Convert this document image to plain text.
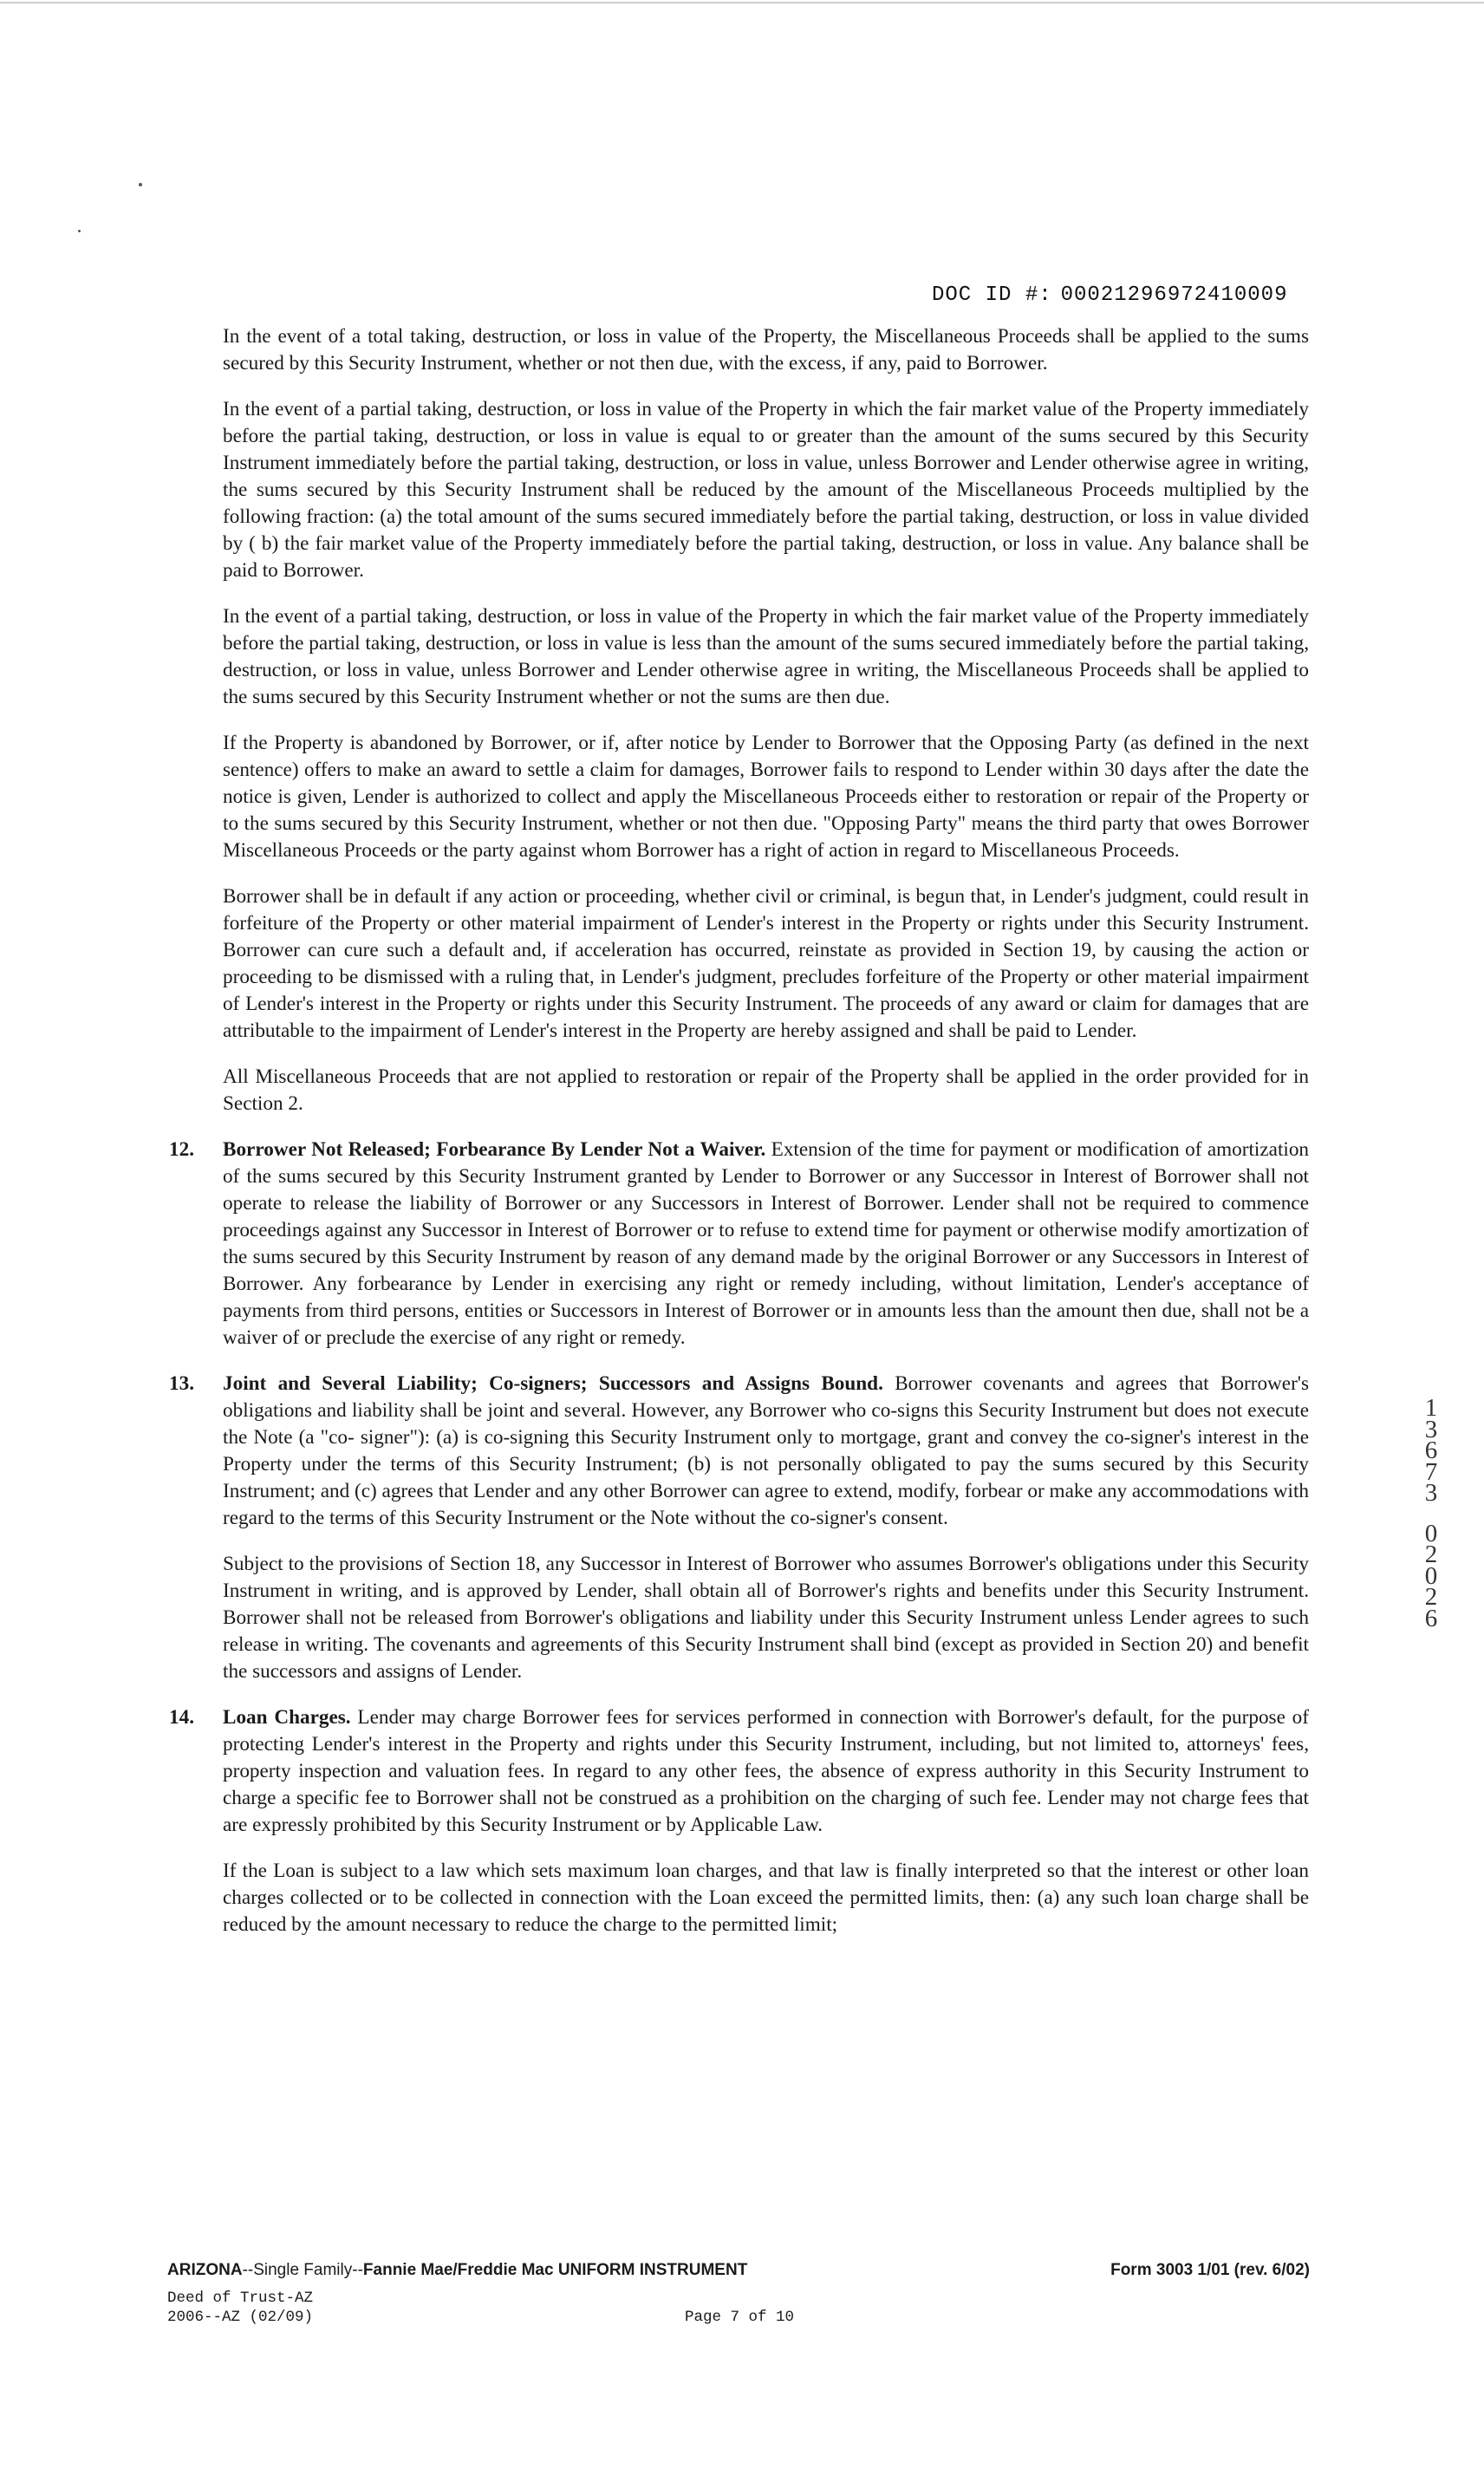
DOC ID #: 00021296972410009

In the event of a total taking, destruction, or loss in value of the Property, the Miscellaneous Proceeds shall be applied to the sums secured by this Security Instrument, whether or not then due, with the excess, if any, paid to Borrower.

In the event of a partial taking, destruction, or loss in value of the Property in which the fair market value of the Property immediately before the partial taking, destruction, or loss in value is equal to or greater than the amount of the sums secured by this Security Instrument immediately before the partial taking, destruction, or loss in value, unless Borrower and Lender otherwise agree in writing, the sums secured by this Security Instrument shall be reduced by the amount of the Miscellaneous Proceeds multiplied by the following fraction: (a) the total amount of the sums secured immediately before the partial taking, destruction, or loss in value divided by ( b) the fair market value of the Property immediately before the partial taking, destruction, or loss in value. Any balance shall be paid to Borrower.

In the event of a partial taking, destruction, or loss in value of the Property in which the fair market value of the Property immediately before the partial taking, destruction, or loss in value is less than the amount of the sums secured immediately before the partial taking, destruction, or loss in value, unless Borrower and Lender otherwise agree in writing, the Miscellaneous Proceeds shall be applied to the sums secured by this Security Instrument whether or not the sums are then due.

If the Property is abandoned by Borrower, or if, after notice by Lender to Borrower that the Opposing Party (as defined in the next sentence) offers to make an award to settle a claim for damages, Borrower fails to respond to Lender within 30 days after the date the notice is given, Lender is authorized to collect and apply the Miscellaneous Proceeds either to restoration or repair of the Property or to the sums secured by this Security Instrument, whether or not then due. "Opposing Party" means the third party that owes Borrower Miscellaneous Proceeds or the party against whom Borrower has a right of action in regard to Miscellaneous Proceeds.

Borrower shall be in default if any action or proceeding, whether civil or criminal, is begun that, in Lender's judgment, could result in forfeiture of the Property or other material impairment of Lender's interest in the Property or rights under this Security Instrument. Borrower can cure such a default and, if acceleration has occurred, reinstate as provided in Section 19, by causing the action or proceeding to be dismissed with a ruling that, in Lender's judgment, precludes forfeiture of the Property or other material impairment of Lender's interest in the Property or rights under this Security Instrument. The proceeds of any award or claim for damages that are attributable to the impairment of Lender's interest in the Property are hereby assigned and shall be paid to Lender.

All Miscellaneous Proceeds that are not applied to restoration or repair of the Property shall be applied in the order provided for in Section 2.

12. Borrower Not Released; Forbearance By Lender Not a Waiver. Extension of the time for payment or modification of amortization of the sums secured by this Security Instrument granted by Lender to Borrower or any Successor in Interest of Borrower shall not operate to release the liability of Borrower or any Successors in Interest of Borrower. Lender shall not be required to commence proceedings against any Successor in Interest of Borrower or to refuse to extend time for payment or otherwise modify amortization of the sums secured by this Security Instrument by reason of any demand made by the original Borrower or any Successors in Interest of Borrower. Any forbearance by Lender in exercising any right or remedy including, without limitation, Lender's acceptance of payments from third persons, entities or Successors in Interest of Borrower or in amounts less than the amount then due, shall not be a waiver of or preclude the exercise of any right or remedy.
13. Joint and Several Liability; Co-signers; Successors and Assigns Bound. Borrower covenants and agrees that Borrower's obligations and liability shall be joint and several. However, any Borrower who co-signs this Security Instrument but does not execute the Note (a "co- signer"): (a) is co-signing this Security Instrument only to mortgage, grant and convey the co-signer's interest in the Property under the terms of this Security Instrument; (b) is not personally obligated to pay the sums secured by this Security Instrument; and (c) agrees that Lender and any other Borrower can agree to extend, modify, forbear or make any accommodations with regard to the terms of this Security Instrument or the Note without the co-signer's consent.

Subject to the provisions of Section 18, any Successor in Interest of Borrower who assumes Borrower's obligations under this Security Instrument in writing, and is approved by Lender, shall obtain all of Borrower's rights and benefits under this Security Instrument. Borrower shall not be released from Borrower's obligations and liability under this Security Instrument unless Lender agrees to such release in writing. The covenants and agreements of this Security Instrument shall bind (except as provided in Section 20) and benefit the successors and assigns of Lender.

14. Loan Charges. Lender may charge Borrower fees for services performed in connection with Borrower's default, for the purpose of protecting Lender's interest in the Property and rights under this Security Instrument, including, but not limited to, attorneys' fees, property inspection and valuation fees. In regard to any other fees, the absence of express authority in this Security Instrument to charge a specific fee to Borrower shall not be construed as a prohibition on the charging of such fee. Lender may not charge fees that are expressly prohibited by this Security Instrument or by Applicable Law.

If the Loan is subject to a law which sets maximum loan charges, and that law is finally interpreted so that the interest or other loan charges collected or to be collected in connection with the Loan exceed the permitted limits, then: (a) any such loan charge shall be reduced by the amount necessary to reduce the charge to the permitted limit;

1
3
6
7
3
0
2
0
2
6
ARIZONA--Single Family--Fannie Mae/Freddie Mac UNIFORM INSTRUMENT	Form 3003 1/01 (rev. 6/02)
Deed of Trust-AZ
2006--AZ (02/09)	Page 7 of 10
